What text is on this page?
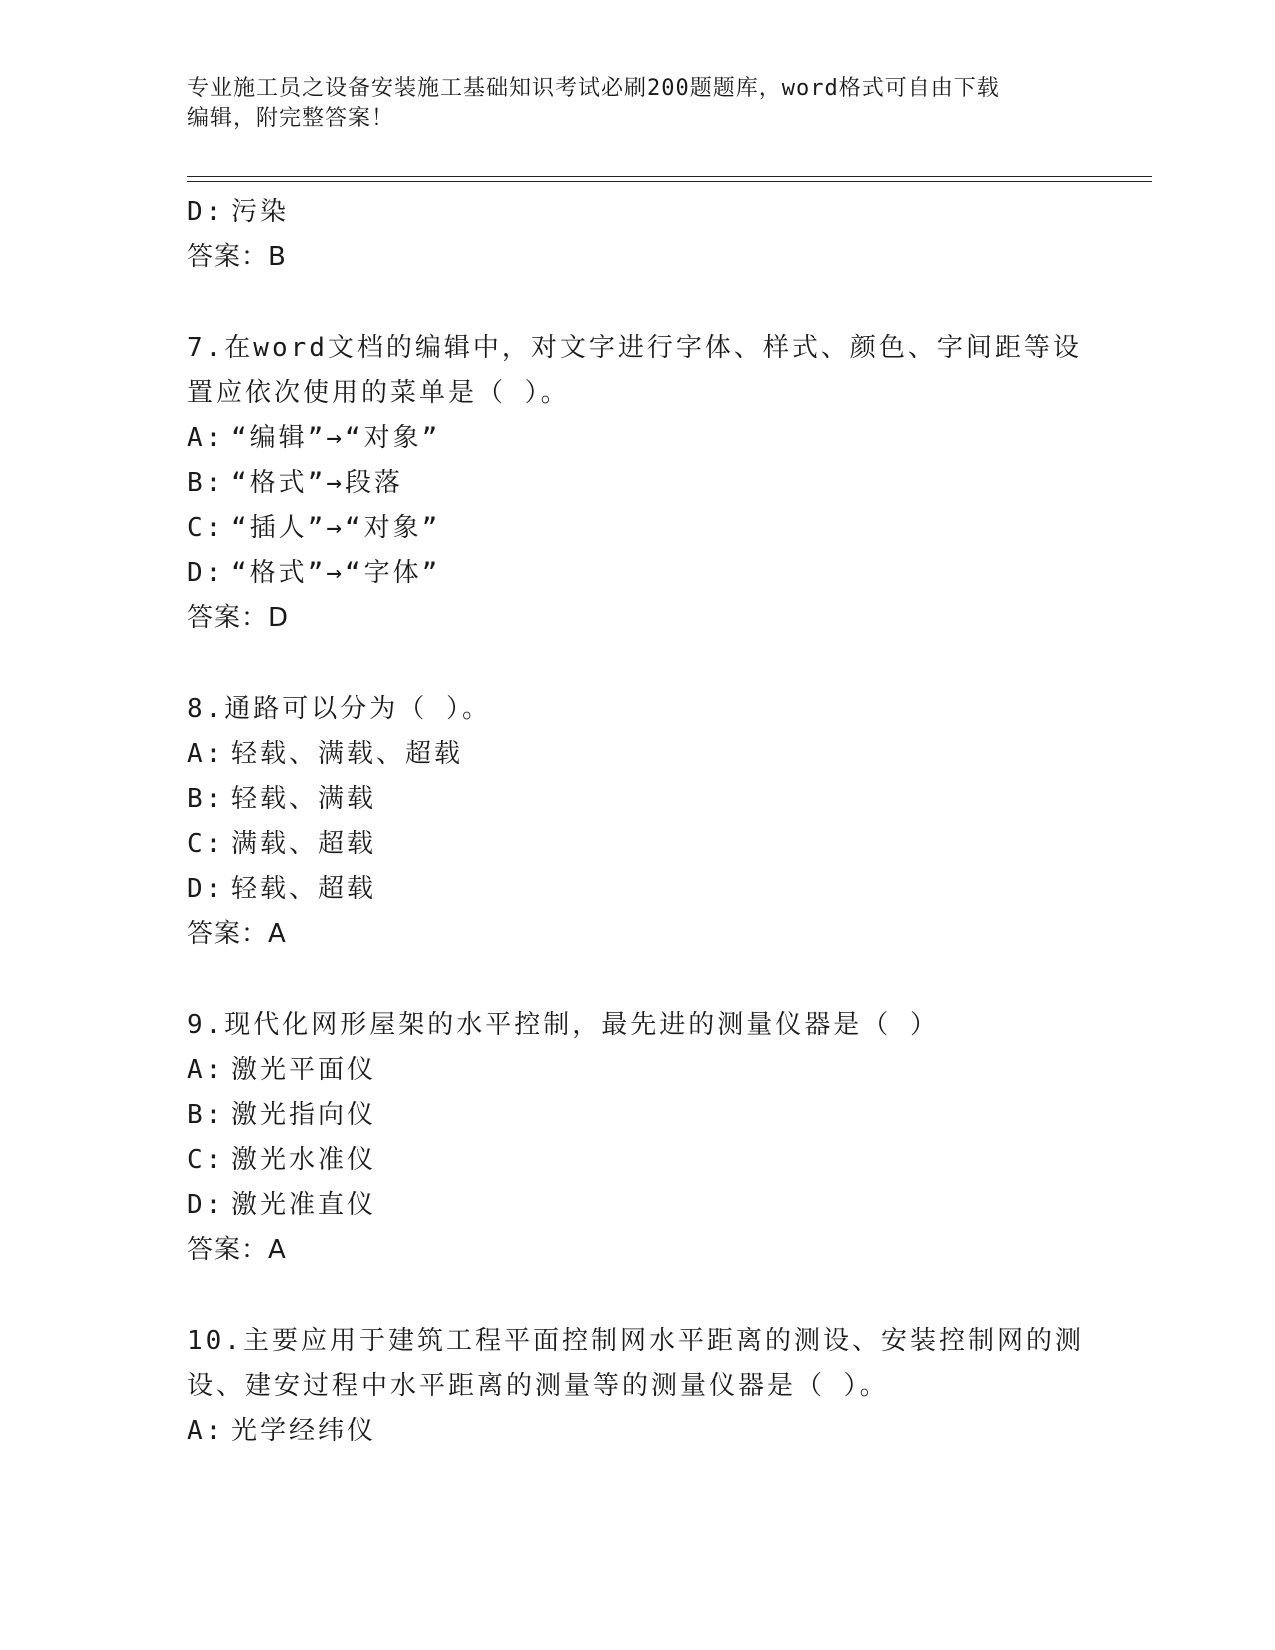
专业施工员之设备安装施工基础知识考试必刷200题题库，word格式可自由下载
编辑，附完整答案！
D: 污染
答案：B
7.在word文档的编辑中，对文字进行字体、样式、颜色、字间距等设
置应依次使用的菜单是（ ）。
A: “编辑”→“对象”
B: “格式”→段落
C: “插人”→“对象”
D: “格式”→“字体”
答案：D
8.通路可以分为（ ）。
A: 轻载、满载、超载
B: 轻载、满载
C: 满载、超载
D: 轻载、超载
答案：A
9.现代化网形屋架的水平控制，最先进的测量仪器是（ ）
A: 激光平面仪
B: 激光指向仪
C: 激光水准仪
D: 激光准直仪
答案：A
10.主要应用于建筑工程平面控制网水平距离的测设、安装控制网的测
设、建安过程中水平距离的测量等的测量仪器是（ ）。
A: 光学经纬仪
